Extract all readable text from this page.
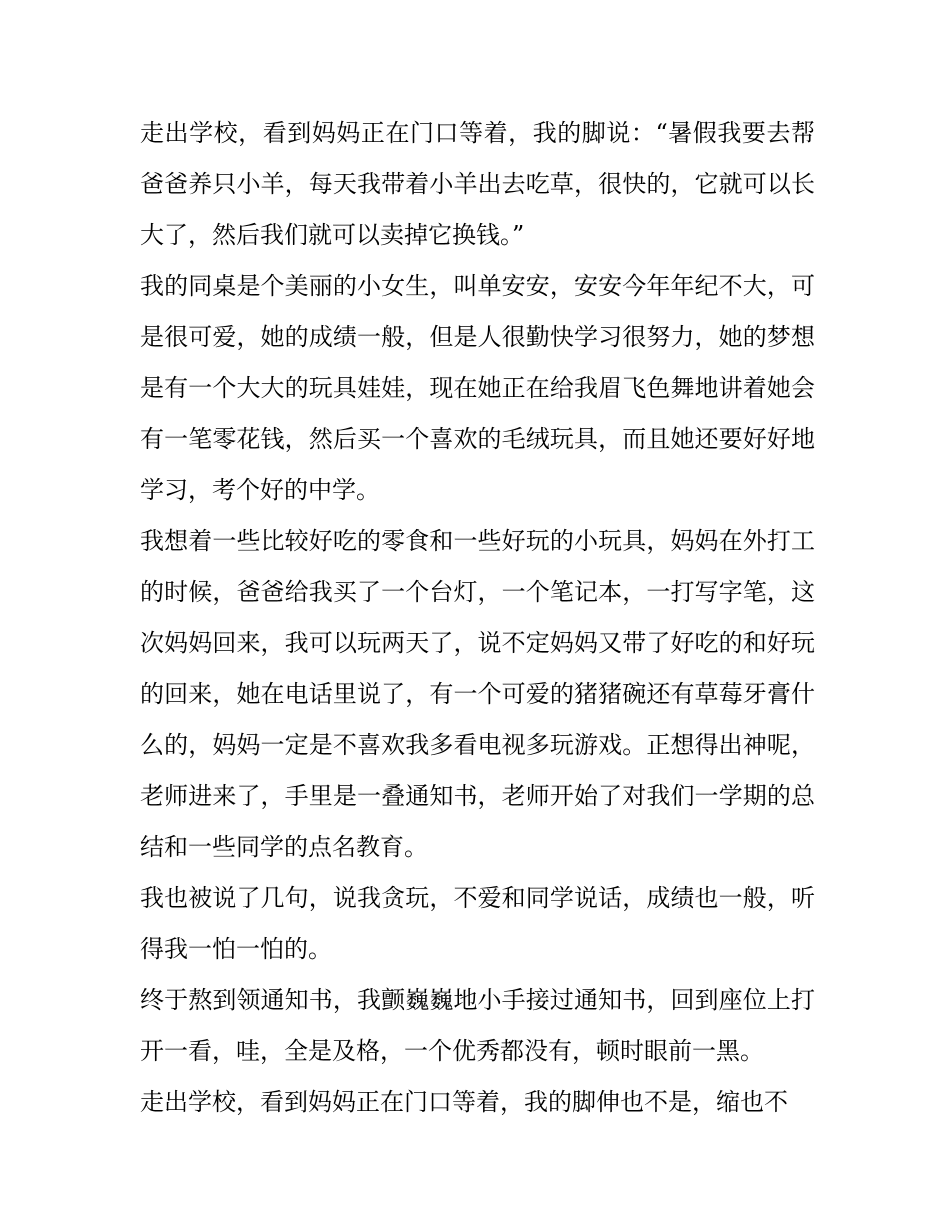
走出学校，看到妈妈正在门口等着，我的脚说：“暑假我要去帮爸爸养只小羊，每天我带着小羊出去吃草，很快的，它就可以长大了，然后我们就可以卖掉它换钱。”

我的同桌是个美丽的小女生，叫单安安，安安今年年纪不大，可是很可爱，她的成绩一般，但是人很勤快学习很努力，她的梦想是有一个大大的玩具娃娃，现在她正在给我眉飞色舞地讲着她会有一笔零花钱，然后买一个喜欢的毛绒玩具，而且她还要好好地学习，考个好的中学。

我想着一些比较好吃的零食和一些好玩的小玩具，妈妈在外打工的时候，爸爸给我买了一个台灯，一个笔记本，一打写字笔，这次妈妈回来，我可以玩两天了，说不定妈妈又带了好吃的和好玩的回来，她在电话里说了，有一个可爱的猪猪碗还有草莓牙膏什么的，妈妈一定是不喜欢我多看电视多玩游戏。正想得出神呢，老师进来了，手里是一叠通知书，老师开始了对我们一学期的总结和一些同学的点名教育。

我也被说了几句，说我贪玩，不爱和同学说话，成绩也一般，听得我一怕一怕的。

终于熬到领通知书，我颤巍巍地小手接过通知书，回到座位上打开一看，哇，全是及格，一个优秀都没有，顿时眼前一黑。

走出学校，看到妈妈正在门口等着，我的脚伸也不是，缩也不
